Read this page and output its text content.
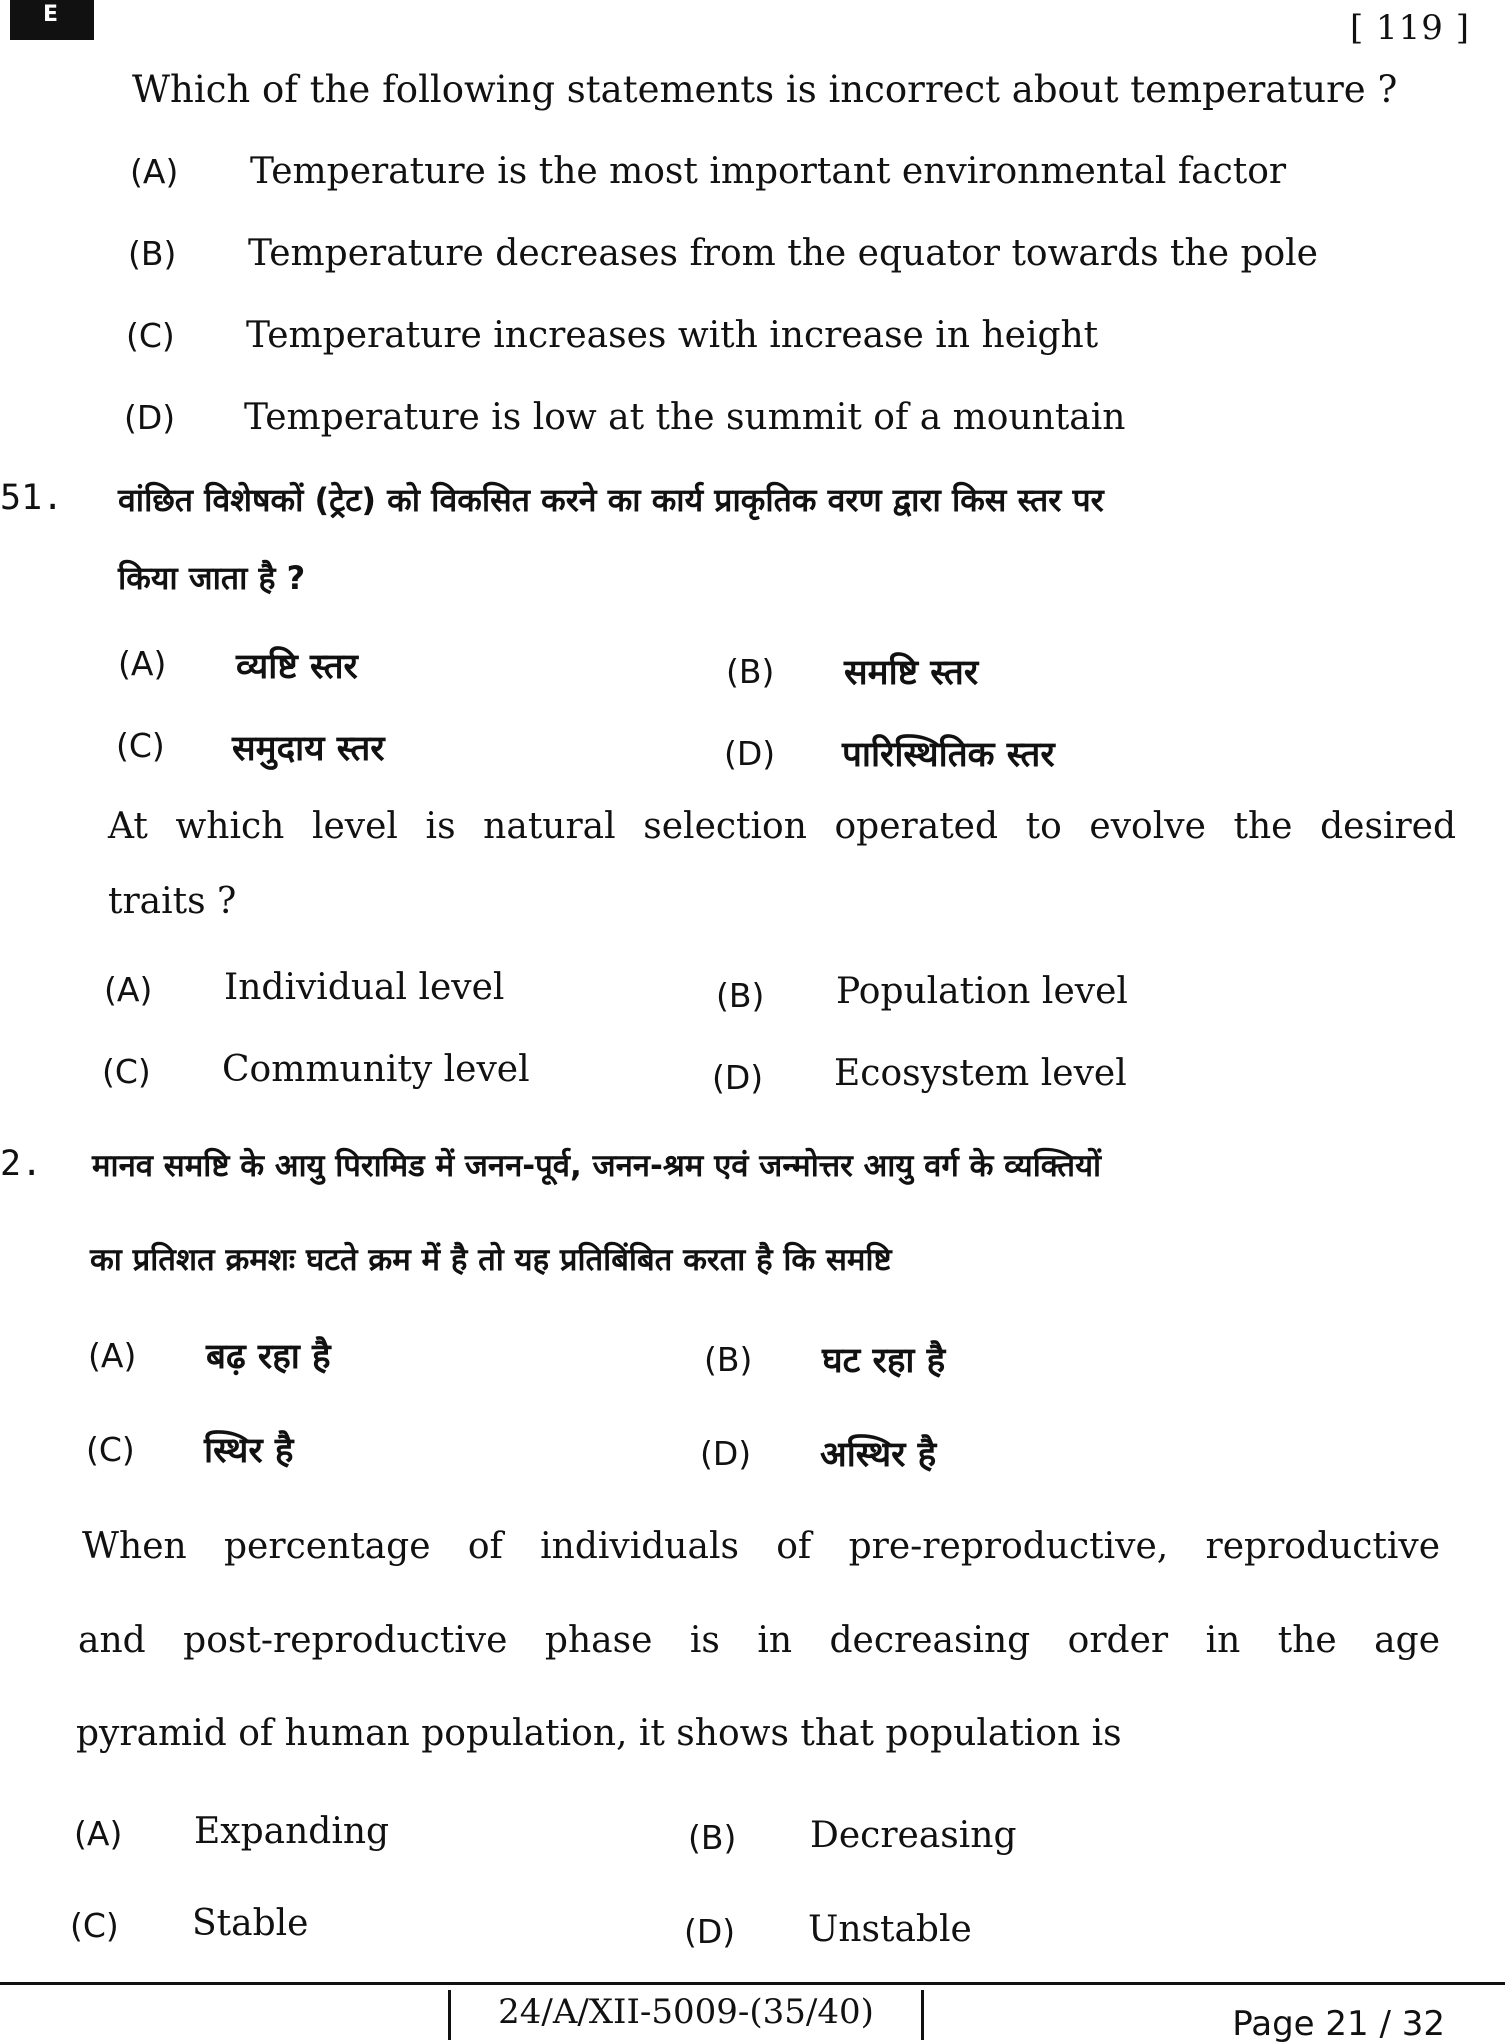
E	[ 119 ]
Which of the following statements is incorrect about temperature ?
(A) Temperature is the most important environmental factor
(B) Temperature decreases from the equator towards the pole
(C) Temperature increases with increase in height
(D) Temperature is low at the summit of a mountain
51. वांछित विशेषकों (ट्रेट) को विकसित करने का कार्य प्राकृतिक वरण द्वारा किस स्तर पर
किया जाता है ?
(A) व्यष्टि स्तर	(B) समष्टि स्तर
(C) समुदाय स्तर	(D) पारिस्थितिक स्तर
At which level is natural selection operated to evolve the desired
traits ?
(A) Individual level	(B) Population level
(C) Community level	(D) Ecosystem level
2. मानव समष्टि के आयु पिरामिड में जनन-पूर्व, जनन-श्रम एवं जन्मोत्तर आयु वर्ग के व्यक्तियों
का प्रतिशत क्रमशः घटते क्रम में है तो यह प्रतिबिंबित करता है कि समष्टि
(A) बढ़ रहा है	(B) घट रहा है
(C) स्थिर है	(D) अस्थिर है
When percentage of individuals of pre-reproductive, reproductive
and post-reproductive phase is in decreasing order in the age
pyramid of human population, it shows that population is
(A) Expanding	(B) Decreasing
(C) Stable	(D) Unstable
24/A/XII-5009-(35/40)	Page 21 / 32
